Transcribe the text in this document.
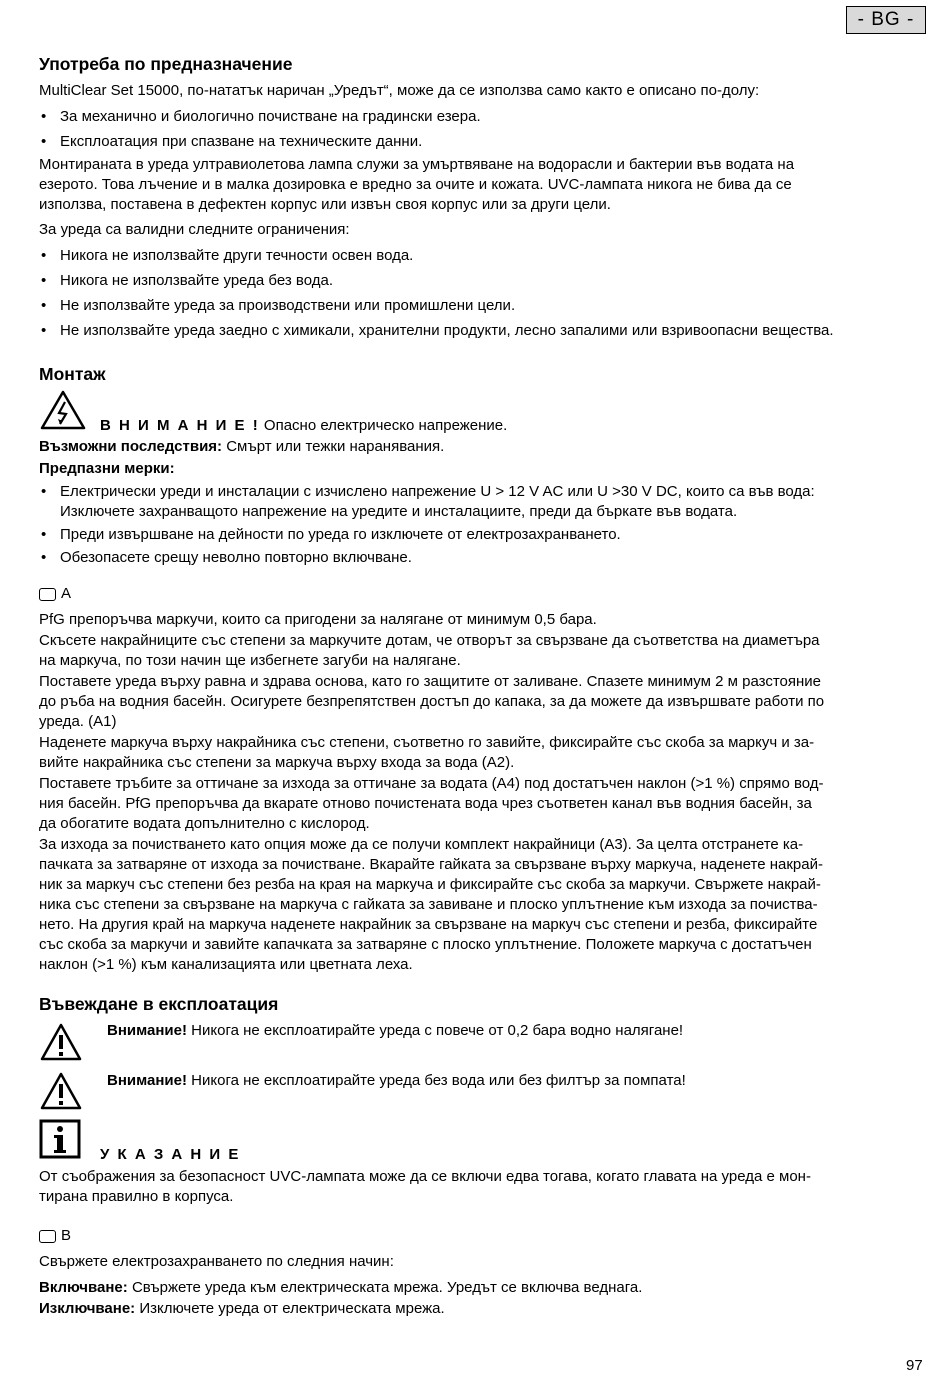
- BG -
Употреба по предназначение

MultiClear Set 15000, по-нататък наричан „Уредът“, може да се използва само както е описано по-долу:

• За механично и биологично почистване на градински езера.
• Експлоатация при спазване на техническите данни.

Монтираната в уреда ултравиолетова лампа служи за умъртвяване на водорасли и бактерии във водата на
езерото. Това лъчение и в малка дозировка е вредно за очите и кожата. UVC-лампата никога не бива да се
използва, поставена в дефектен корпус или извън своя корпус или за други цели.

За уреда са валидни следните ограничения:

• Никога не използвайте други течности освен вода.
• Никога не използвайте уреда без вода.
• Не използвайте уреда за производствени или промишлени цели.
• Не използвайте уреда заедно с химикали, хранителни продукти, лесно запалими или взривоопасни вещества.
Монтаж

В Н И М А Н И Е ! Опасно електрическо напрежение.

Възможни последствия: Смърт или тежки наранявания.

Предпазни мерки:

• Електрически уреди и инсталации с изчислено напрежение U > 12 V AC или U >30 V DC, които са във вода:
Изключете захранващото напрежение на уредите и инсталациите, преди да бъркате във водата.
• Преди извършване на дейности по уреда го изключете от електрозахранването.
• Обезопасете срещу неволно повторно включване.
A

PfG препоръчва маркучи, които са пригодени за налягане от минимум 0,5 бара.

Скъсете накрайниците със степени за маркучите дотам, че отворът за свързване да съответства на диаметъра
на маркуча, по този начин ще избегнете загуби на налягане.

Поставете уреда върху равна и здрава основа, като го защитите от заливане. Спазете минимум 2 м разстояние
до ръба на водния басейн. Осигурете безпрепятствен достъп до капака, за да можете да извършвате работи по
уреда. (A1)

Наденете маркуча върху накрайника със степени, съответно го завийте, фиксирайте със скоба за маркуч и за-
вийте накрайника със степени за маркуча върху входа за вода (A2).

Поставете тръбите за оттичане за изхода за оттичане за водата (A4) под достатъчен наклон (>1 %) спрямо вод-
ния басейн. PfG препоръчва да вкарате отново почистената вода чрез съответен канал във водния басейн, за
да обогатите водата допълнително с кислород.

За изхода за почистването като опция може да се получи комплект накрайници (A3). За целта отстранете ка-
пачката за затваряне от изхода за почистване. Вкарайте гайката за свързване върху маркуча, наденете накрай-
ник за маркуч със степени без резба на края на маркуча и фиксирайте със скоба за маркучи. Свържете накрай-
ника със степени за свързване на маркуча с гайката за завиване и плоско уплътнение към изхода за почиства-
нето. На другия край на маркуча наденете накрайник за свързване на маркуч със степени и резба, фиксирайте
със скоба за маркучи и завийте капачката за затваряне с плоско уплътнение. Положете маркуча с достатъчен
наклон (>1 %) към канализацията или цветната леха.

Въвеждане в експлоатация

Внимание! Никога не експлоатирайте уреда с повече от 0,2 бара водно налягане!

Внимание! Никога не експлоатирайте уреда без вода или без филтър за помпата!

У К А З А Н И Е

От съображения за безопасност UVC-лампата може да се включи едва тогава, когато главата на уреда е мон-
тирана правилно в корпуса.

B

Свържете електрозахранването по следния начин:

Включване: Свържете уреда към електрическата мрежа. Уредът се включва веднага.

Изключване: Изключете уреда от електрическата мрежа.

97
